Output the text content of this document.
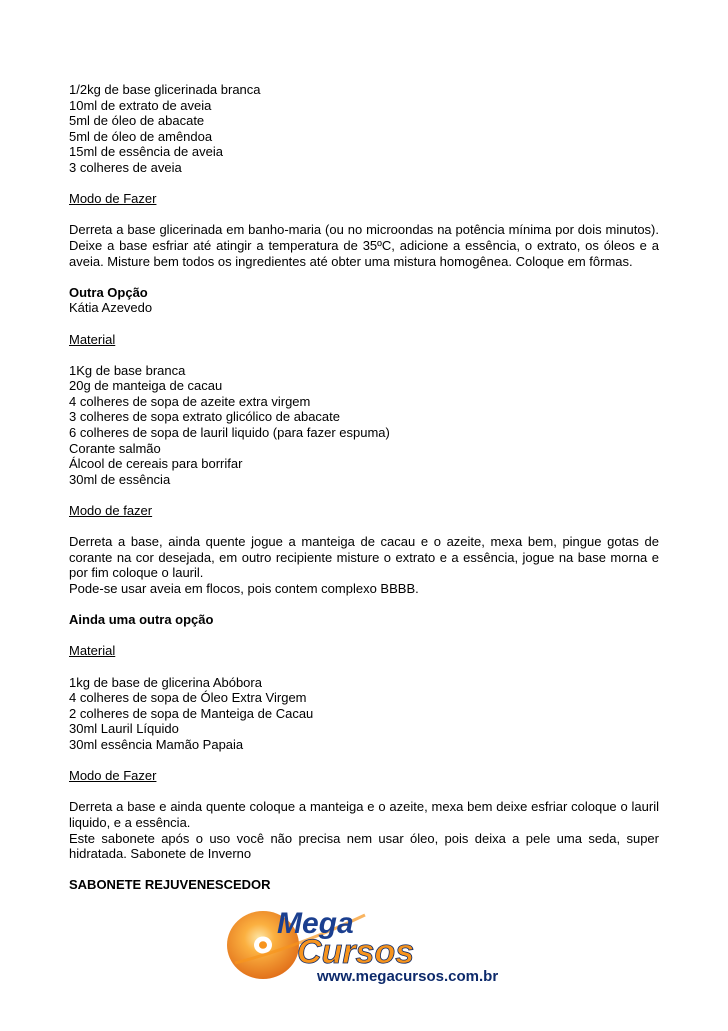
1/2kg de base glicerinada branca
10ml de extrato de aveia
5ml de óleo de abacate
5ml de óleo de amêndoa
15ml de essência de aveia
3 colheres de aveia
Modo de Fazer

Derreta a base glicerinada em banho-maria (ou no microondas na potência mínima por dois minutos). Deixe a base esfriar até atingir a temperatura de 35ºC, adicione a essência, o extrato, os óleos e a aveia. Misture bem todos os ingredientes até obter uma mistura homogênea. Coloque em fôrmas.

Outra Opção
Kátia Azevedo
Material
1Kg de base branca
20g de manteiga de cacau
4 colheres de sopa de azeite extra virgem
3 colheres de sopa extrato glicólico de abacate
6 colheres de sopa de lauril liquido (para fazer espuma)
Corante salmão
Álcool de cereais para borrifar
30ml de essência
Modo de fazer

Derreta a base, ainda quente jogue a manteiga de cacau e o azeite, mexa bem, pingue gotas de corante na cor desejada, em outro recipiente misture o extrato e a essência, jogue na base morna e por fim coloque o lauril.

Pode-se usar aveia em flocos, pois contem complexo BBBB.
Ainda uma outra opção
Material
1kg de base de glicerina Abóbora
4 colheres de sopa de Óleo Extra Virgem
2 colheres de sopa de Manteiga de Cacau
30ml Lauril Líquido
30ml essência Mamão Papaia
Modo de Fazer

Derreta a base e ainda quente coloque a manteiga e o azeite, mexa bem deixe esfriar coloque o lauril liquido, e a essência.

Este sabonete após o uso você não precisa nem usar óleo, pois deixa a pele uma seda, super hidratada. Sabonete de Inverno

SABONETE REJUVENESCEDOR
Mega
Cursos
www.megacursos.com.br
